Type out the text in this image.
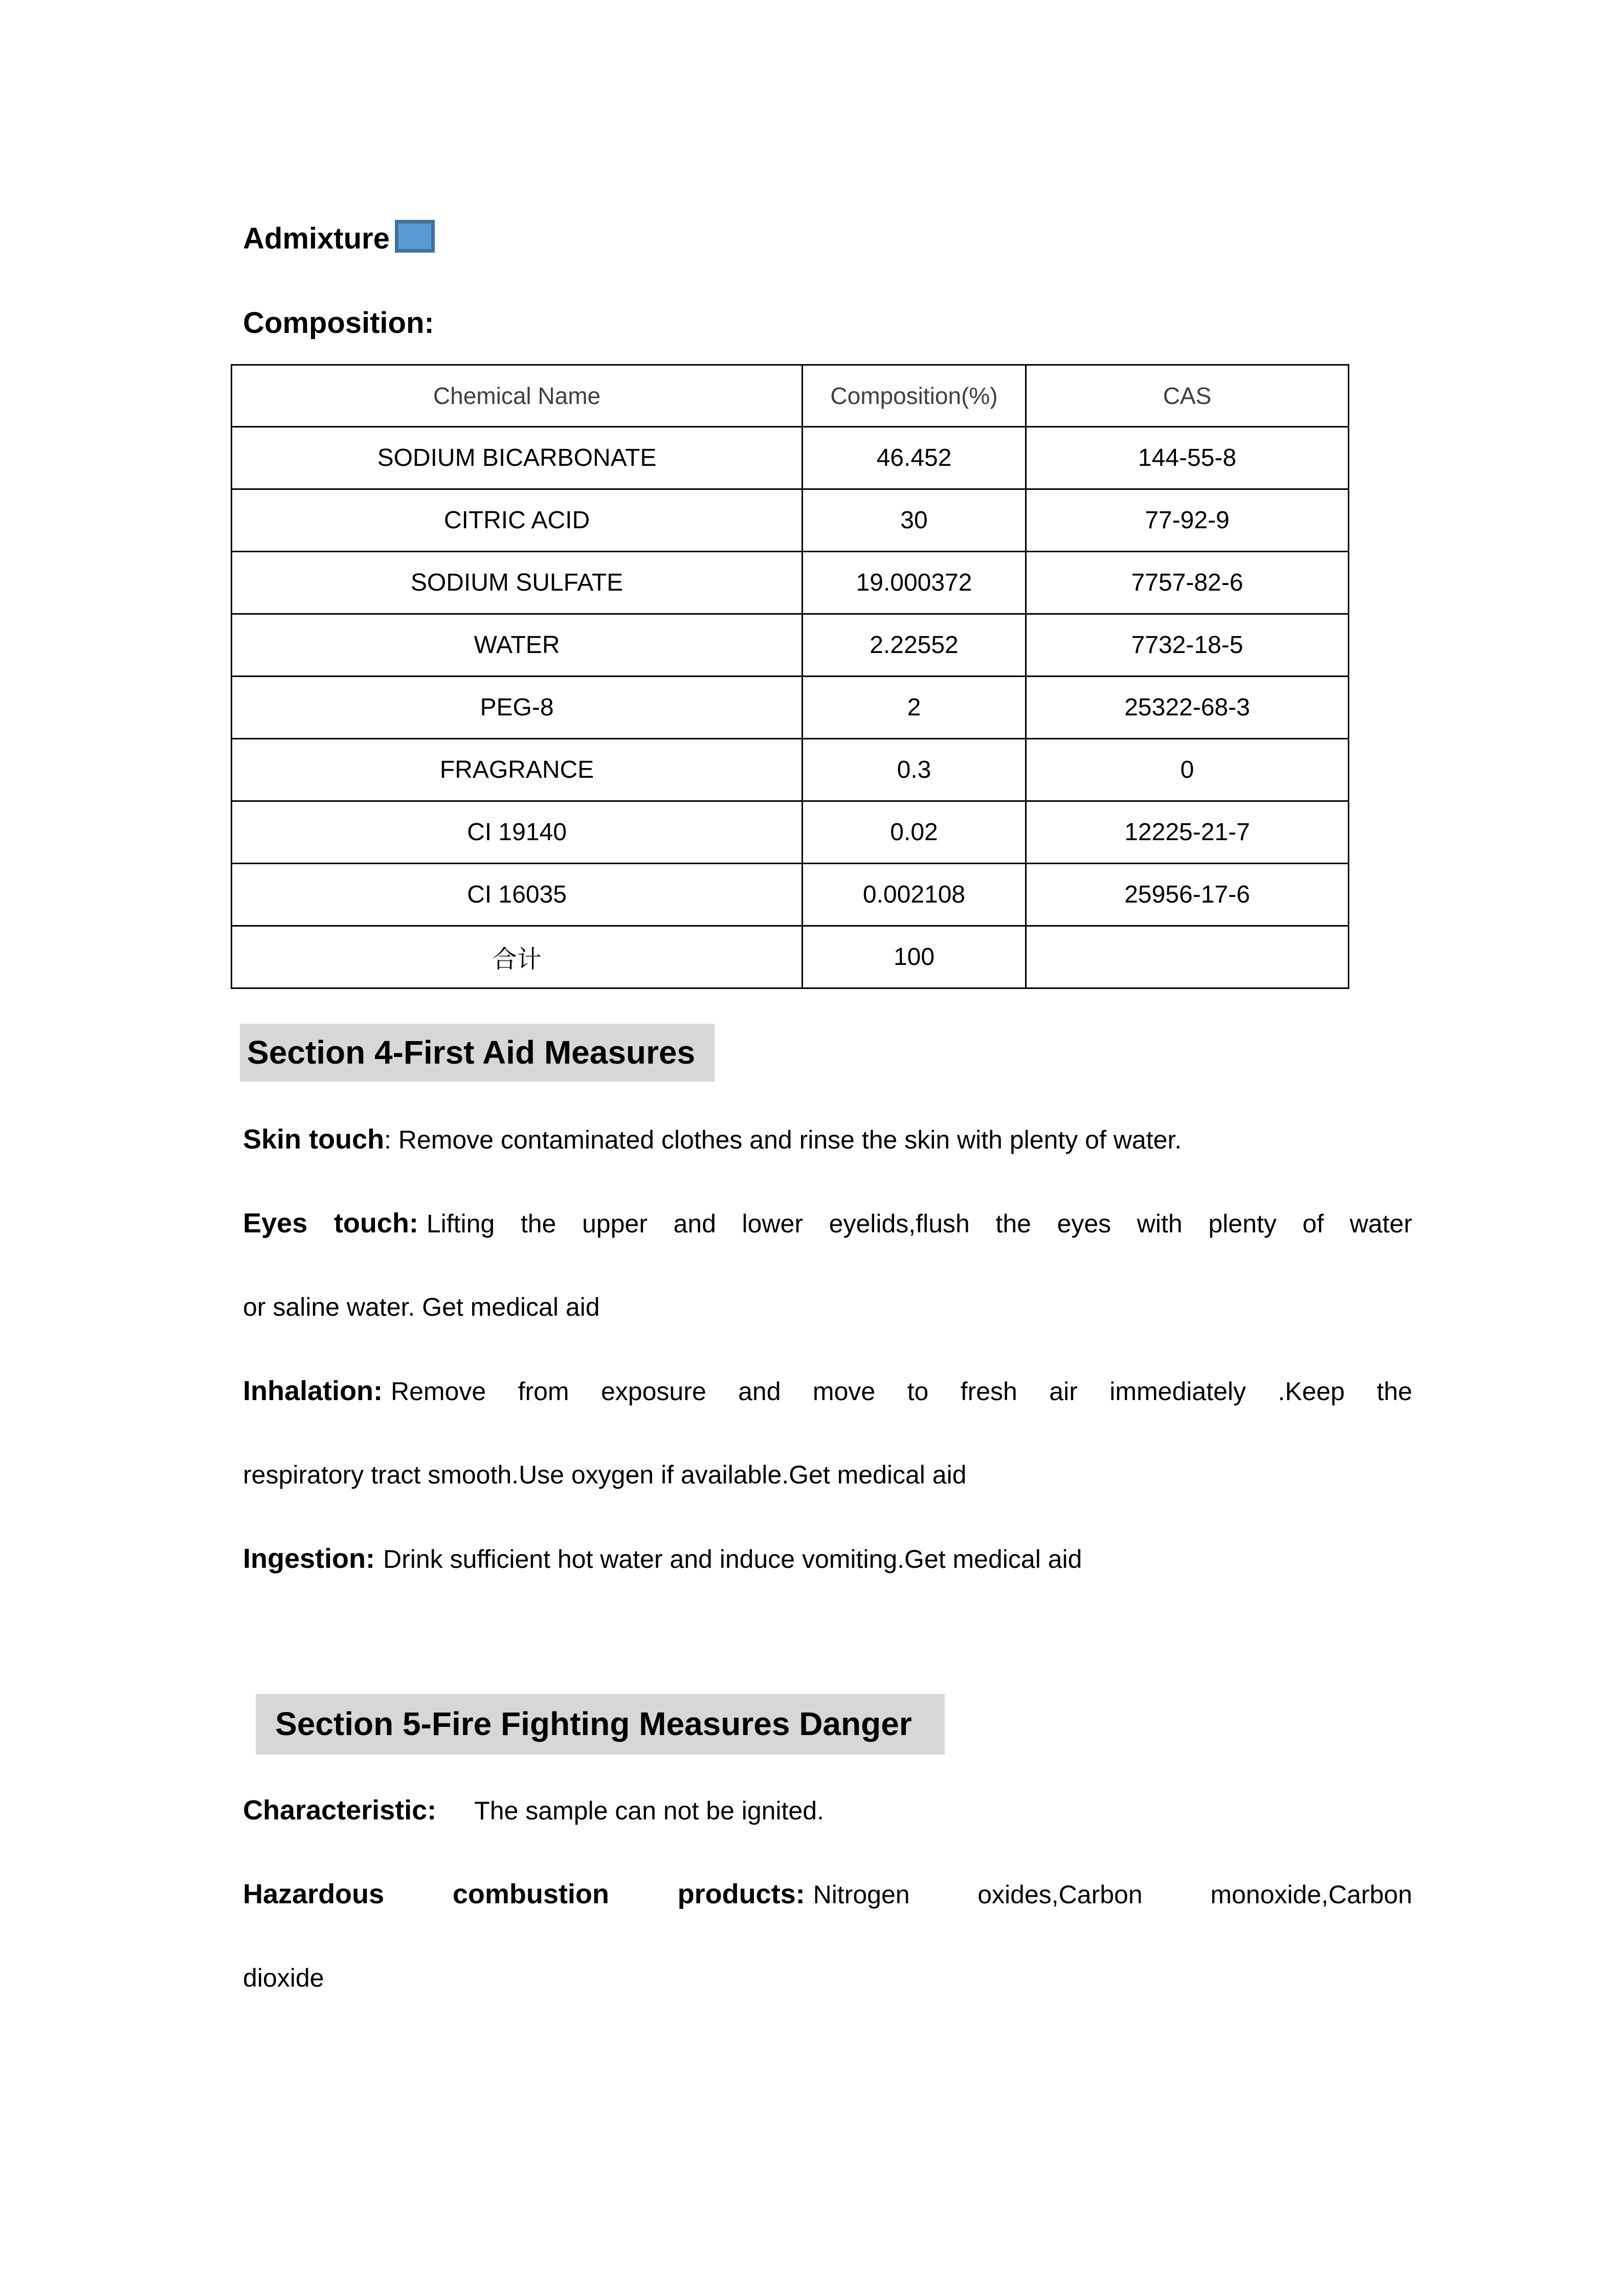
Admixture
Composition:
Chemical Name	Composition(%)	CAS
SODIUM BICARBONATE	46.452	144-55-8
CITRIC ACID	30	77-92-9
SODIUM SULFATE	19.000372	7757-82-6
WATER	2.22552	7732-18-5
PEG-8	2	25322-68-3
FRAGRANCE	0.3	0
CI 19140	0.02	12225-21-7
CI 16035	0.002108	25956-17-6
合计	100	
Section 4-First Aid Measures
Skin touch: Remove contaminated clothes and rinse the skin with plenty of water.
Eyes touch: Lifting the upper and lower eyelids,flush the eyes with plenty of water
or saline water. Get medical aid
Inhalation: Remove from exposure and move to fresh air immediately .Keep the
respiratory tract smooth.Use oxygen if available.Get medical aid
Ingestion: Drink sufficient hot water and induce vomiting.Get medical aid
Section 5-Fire Fighting Measures Danger
Characteristic: The sample can not be ignited.
Hazardous combustion products: Nitrogen oxides,Carbon monoxide,Carbon
dioxide
